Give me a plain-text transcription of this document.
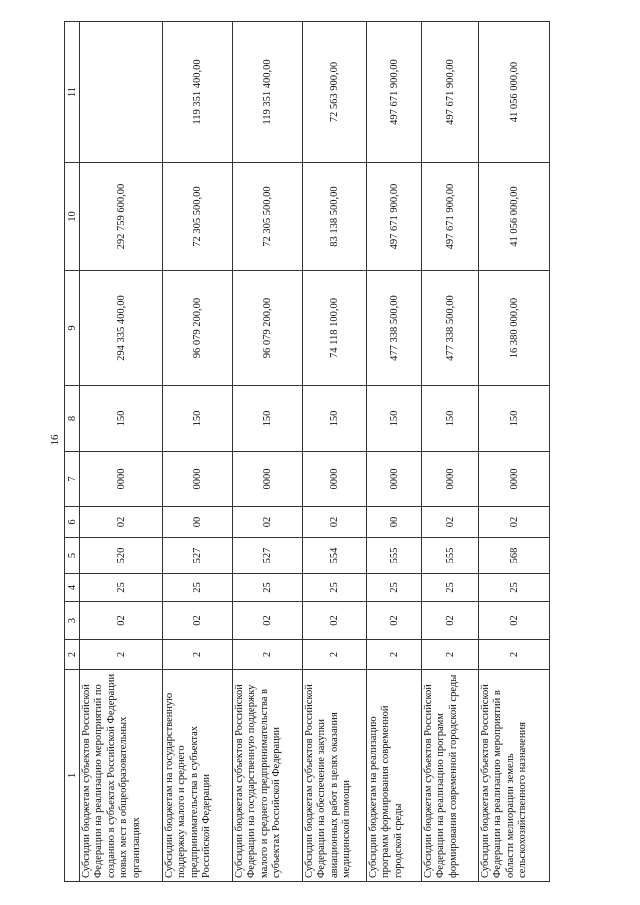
16
1	2	3	4	5	6	7	8	9	10	11
Субсидии бюджетам субъектов Российской Федерации на реализацию мероприятий по созданию в субъектах Российской Федерации новых мест в общеобразовательных организациях	2	02	25	520	02	0000	150	294 335 400,00	292 759 600,00	
Субсидии бюджетам на государственную поддержку малого и среднего предпринимательства в субъектах Российской Федерации	2	02	25	527	00	0000	150	96 079 200,00	72 305 500,00	119 351 400,00
Субсидии бюджетам субъектов Российской Федерации на государственную поддержку малого и среднего предпринимательства в субъектах Российской Федерации	2	02	25	527	02	0000	150	96 079 200,00	72 305 500,00	119 351 400,00
Субсидии бюджетам субъектов Российской Федерации на обеспечение закупки авиационных работ в целях оказания медицинской помощи	2	02	25	554	02	0000	150	74 118 100,00	83 138 500,00	72 563 900,00
Субсидии бюджетам на реализацию программ формирования современной городской среды	2	02	25	555	00	0000	150	477 338 500,00	497 671 900,00	497 671 900,00
Субсидии бюджетам субъектов Российской Федерации на реализацию программ формирования современной городской среды	2	02	25	555	02	0000	150	477 338 500,00	497 671 900,00	497 671 900,00
Субсидии бюджетам субъектов Российской Федерации на реализацию мероприятий в области мелиорации земель сельскохозяйственного назначения	2	02	25	568	02	0000	150	16 380 000,00	41 056 000,00	41 056 000,00
